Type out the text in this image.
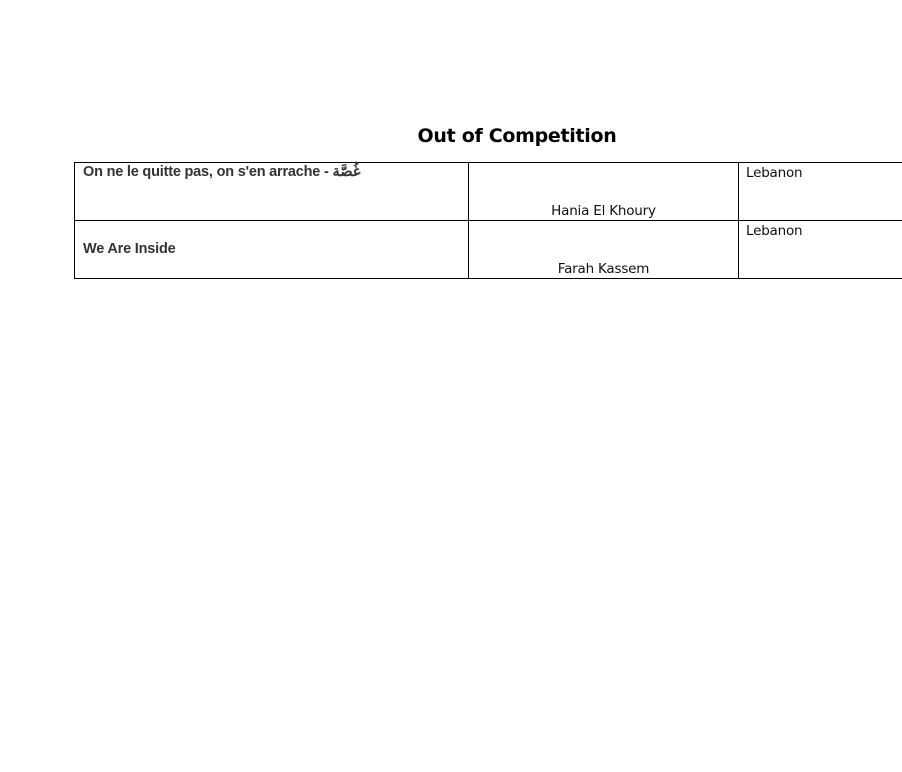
Out of Competition
On ne le quitte pas, on s'en arrache - غُصَّة	Hania El Khoury	Lebanon

We Are Inside	Farah Kassem	Lebanon
